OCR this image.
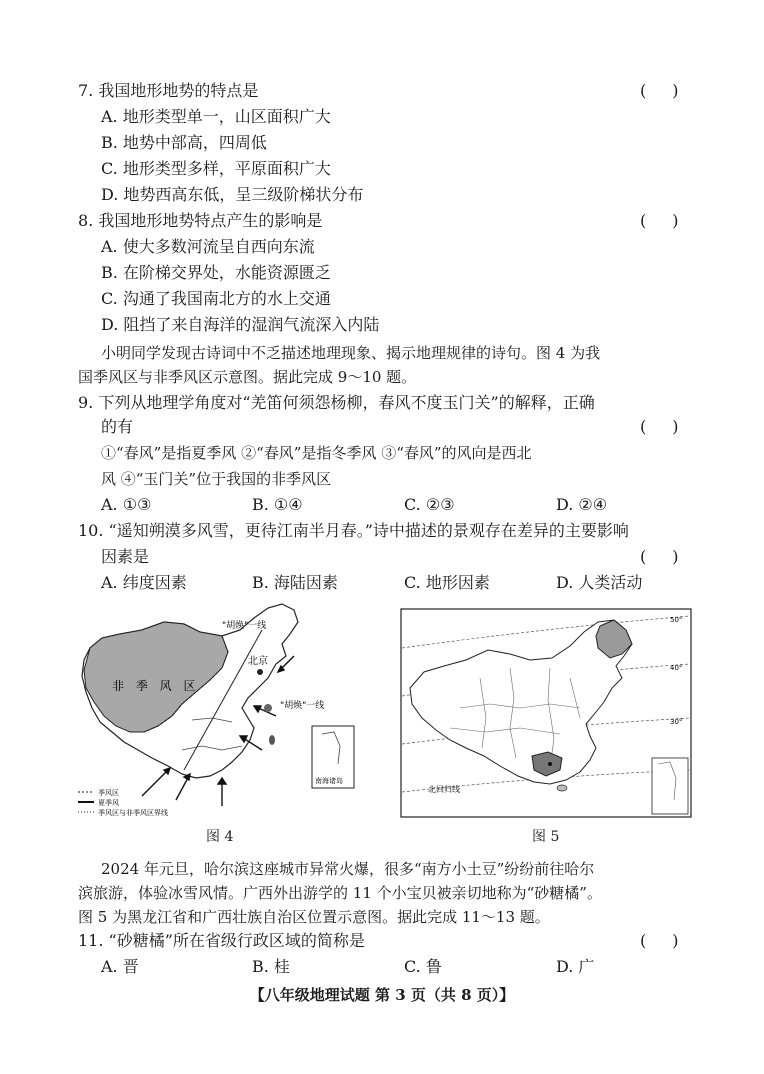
7. 我国地形地势的特点是
( )
A. 地形类型单一，山区面积广大
B. 地势中部高，四周低
C. 地形类型多样，平原面积广大
D. 地势西高东低，呈三级阶梯状分布
8. 我国地形地势特点产生的影响是
( )
A. 使大多数河流呈自西向东流
B. 在阶梯交界处，水能资源匮乏
C. 沟通了我国南北方的水上交通
D. 阻挡了来自海洋的湿润气流深入内陆
小明同学发现古诗词中不乏描述地理现象、揭示地理规律的诗句。图 4 为我
国季风区与非季风区示意图。据此完成 9～10 题。
9. 下列从地理学角度对“羌笛何须怨杨柳，春风不度玉门关”的解释，正确
的有
( )
①“春风”是指夏季风 ②“春风”是指冬季风 ③“春风”的风向是西北
风 ④“玉门关”位于我国的非季风区
A. ①③	B. ①④	C. ②③	D. ②④
10. “遥知朔漠多风雪，更待江南半月春。”诗中描述的景观存在差异的主要影响
因素是
( )
A. 纬度因素	B. 海陆因素	C. 地形因素	D. 人类活动
北京
非 季 风 区
"胡焕"一线
"胡焕"一线
南海诸岛
季风区
夏季风
季风区与非季风区界线
图 4
北回归线
50°
40°
30°
图 5
2024 年元旦，哈尔滨这座城市异常火爆，很多“南方小土豆”纷纷前往哈尔
滨旅游，体验冰雪风情。广西外出游学的 11 个小宝贝被亲切地称为“砂糖橘”。
图 5 为黑龙江省和广西壮族自治区位置示意图。据此完成 11～13 题。
11. “砂糖橘”所在省级行政区域的简称是
( )
A. 晋	B. 桂	C. 鲁	D. 广
【八年级地理试题 第 3 页（共 8 页）】
